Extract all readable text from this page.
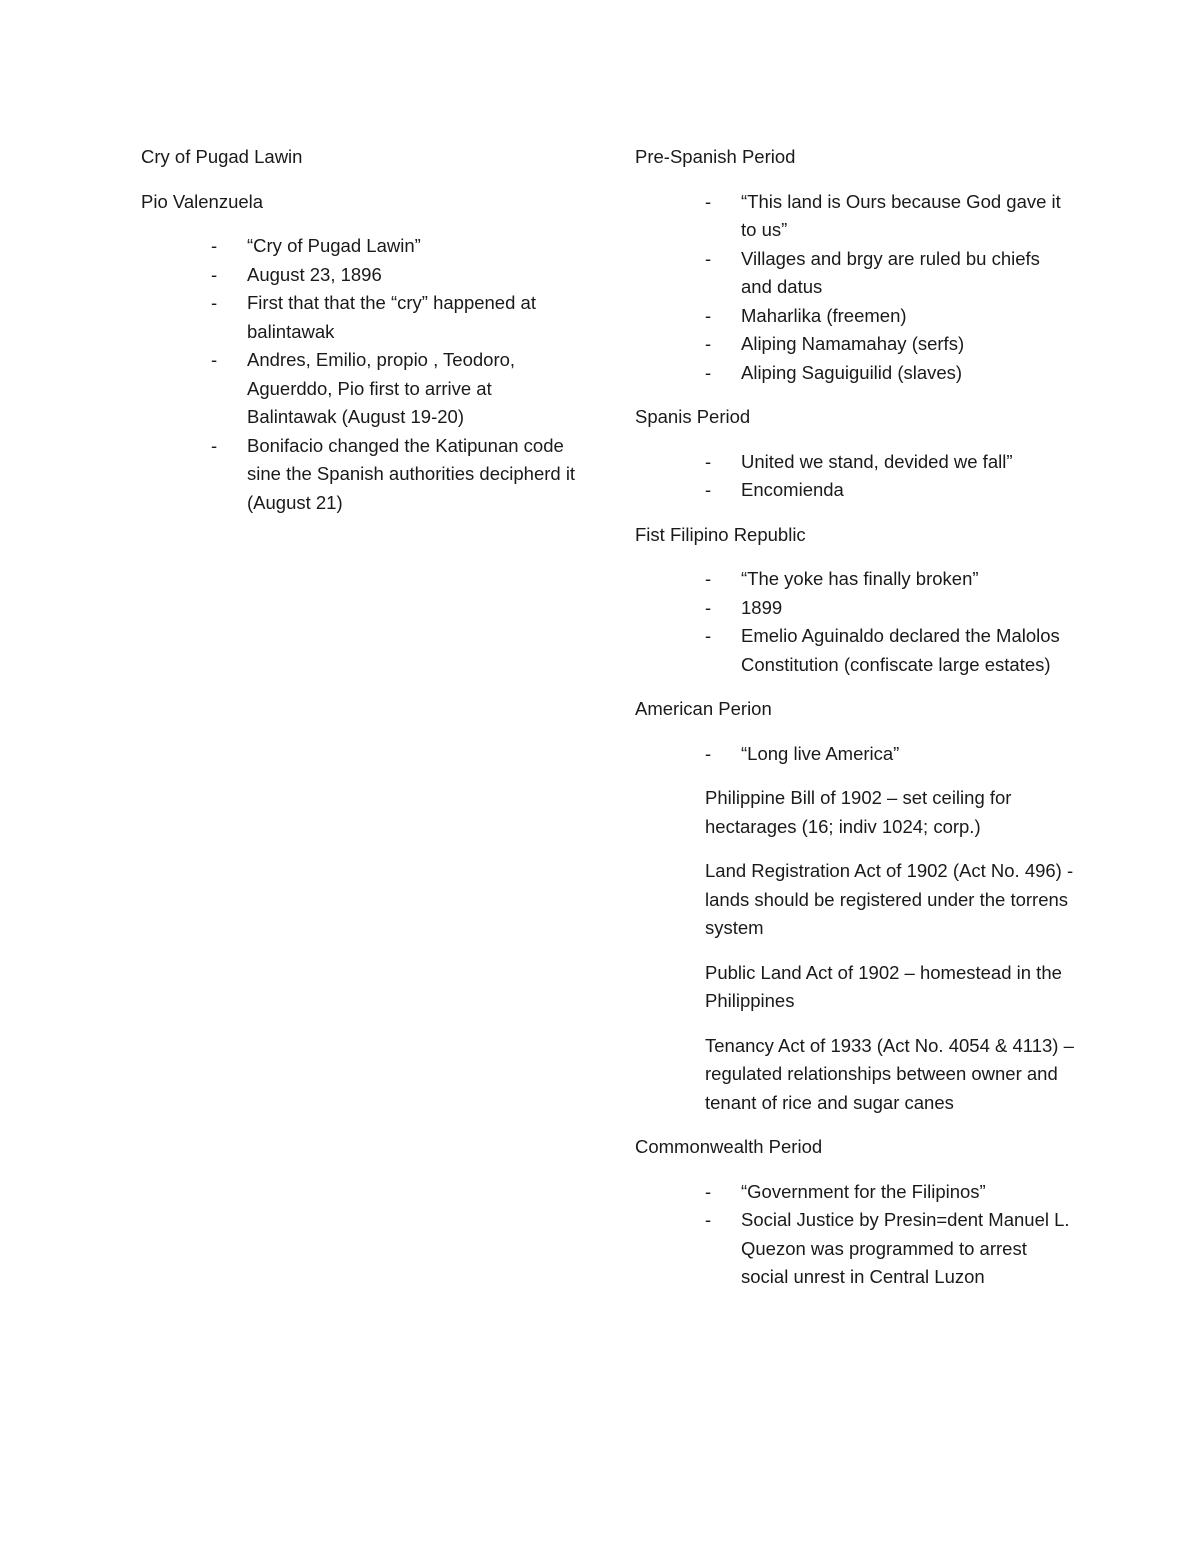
Cry of Pugad Lawin

Pio Valenzuela

- “Cry of Pugad Lawin”
- August 23, 1896
- First that that the “cry” happened at balintawak
- Andres, Emilio, propio , Teodoro, Aguerddo, Pio first to arrive at Balintawak (August 19-20)
- Bonifacio changed the Katipunan code sine the Spanish authorities decipherd it (August 21)

Pre-Spanish Period

- “This land is Ours because God gave it to us”
- Villages and brgy are ruled bu chiefs and datus
- Maharlika (freemen)
- Aliping Namamahay (serfs)
- Aliping Saguiguilid (slaves)

Spanis Period

- United we stand, devided we fall”
- Encomienda

Fist Filipino Republic

- “The yoke has finally broken”
- 1899
- Emelio Aguinaldo declared the Malolos Constitution (confiscate large estates)

American Perion

- “Long live America”

Philippine Bill of 1902 – set ceiling for hectarages (16; indiv 1024; corp.)

Land Registration Act of 1902 (Act No. 496) - lands should be registered under the torrens system

Public Land Act of 1902 – homestead in the Philippines

Tenancy Act of 1933 (Act No. 4054 & 4113) – regulated relationships between owner and tenant of rice and sugar canes

Commonwealth Period

- “Government for the Filipinos”
- Social Justice by Presin=dent Manuel L. Quezon was programmed to arrest social unrest in Central Luzon
